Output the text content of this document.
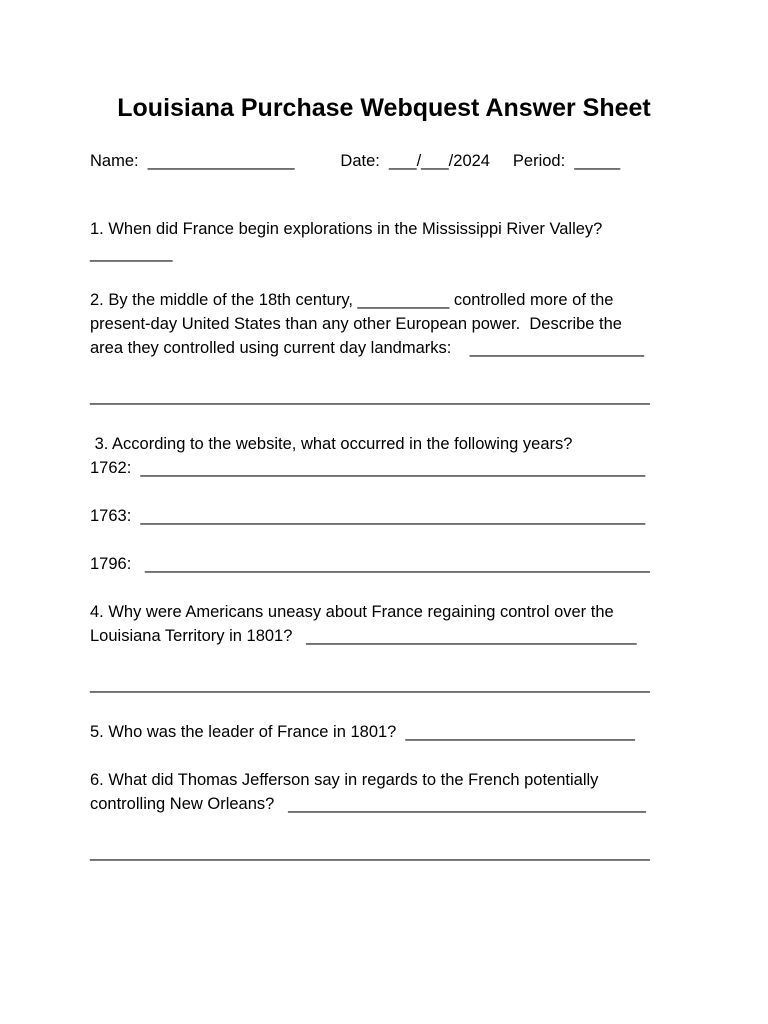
Louisiana Purchase Webquest Answer Sheet
Name:  ________________          Date:  ___/___/2024     Period:  _____
1. When did France begin explorations in the Mississippi River Valley?
_________
2. By the middle of the 18th century, __________ controlled more of the
present-day United States than any other European power.  Describe the
area they controlled using current day landmarks:    ___________________
_____________________________________________________________
3. According to the website, what occurred in the following years?
1762:  _______________________________________________________
1763:  _______________________________________________________
1796:   _______________________________________________________
4. Why were Americans uneasy about France regaining control over the
Louisiana Territory in 1801?   ____________________________________
_____________________________________________________________
5. Who was the leader of France in 1801?  _________________________
6. What did Thomas Jefferson say in regards to the French potentially
controlling New Orleans?   _______________________________________
_____________________________________________________________
